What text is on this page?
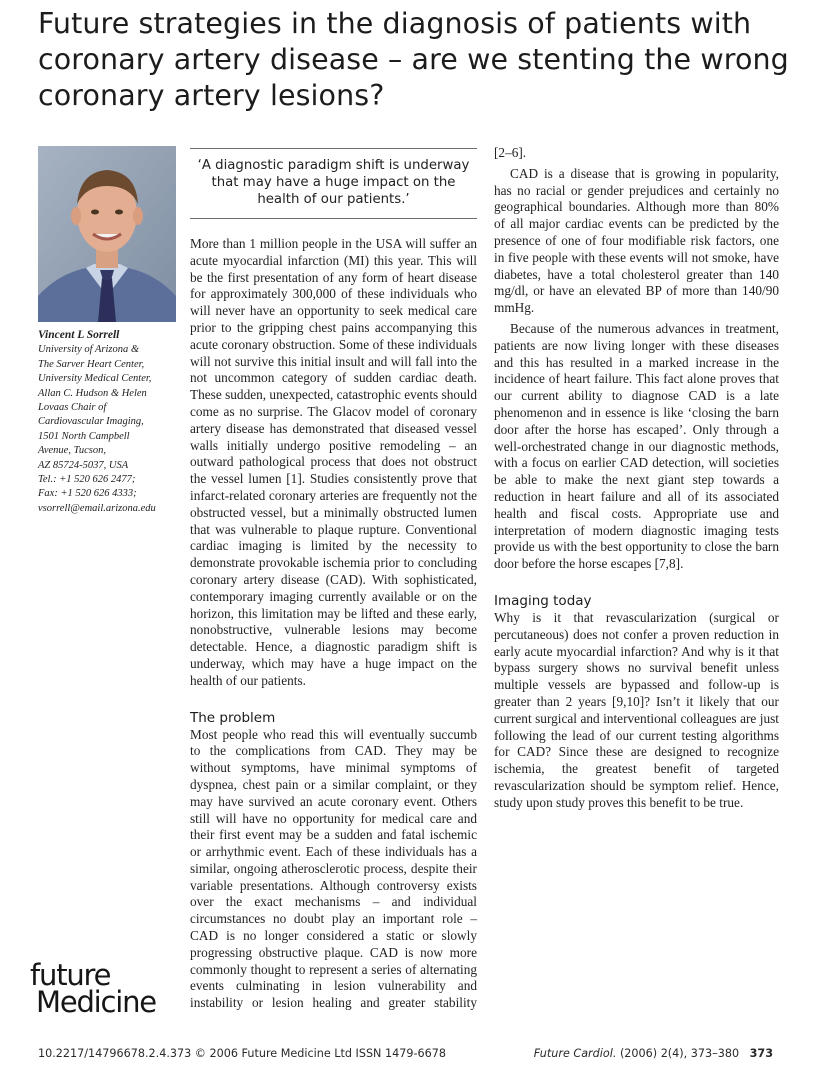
Future strategies in the diagnosis of patients with coronary artery disease – are we stenting the wrong coronary artery lesions?
Vincent L Sorrell
University of Arizona &
The Sarver Heart Center,
University Medical Center,
Allan C. Hudson & Helen
Lovaas Chair of
Cardiovascular Imaging,
1501 North Campbell
Avenue, Tucson,
AZ 85724-5037, USA
Tel.: +1 520 626 2477;
Fax: +1 520 626 4333;
vsorrell@email.arizona.edu
‘A diagnostic paradigm shift is underway that may have a huge impact on the health of our patients.’

More than 1 million people in the USA will suffer an acute myocardial infarction (MI) this year. This will be the first presentation of any form of heart disease for approximately 300,000 of these individuals who will never have an opportunity to seek medical care prior to the gripping chest pains accompanying this acute coronary obstruction. Some of these individuals will not survive this initial insult and will fall into the not uncommon category of sudden cardiac death. These sudden, unexpected, catastrophic events should come as no surprise. The Glacov model of coronary artery disease has demonstrated that diseased vessel walls initially undergo positive remodeling – an outward pathological process that does not obstruct the vessel lumen [1]. Studies consistently prove that infarct-related coronary arteries are frequently not the obstructed vessel, but a minimally obstructed lumen that was vulnerable to plaque rupture. Conventional cardiac imaging is limited by the necessity to demonstrate provokable ischemia prior to concluding coronary artery disease (CAD). With sophisticated, contemporary imaging currently available or on the horizon, this limitation may be lifted and these early, nonobstructive, vulnerable lesions may become detectable. Hence, a diagnostic paradigm shift is underway, which may have a huge impact on the health of our patients.

The problem

Most people who read this will eventually succumb to the complications from CAD. They may be without symptoms, have minimal symptoms of dyspnea, chest pain or a similar complaint, or they may have survived an acute coronary event. Others still will have no opportunity for medical care and their first event may be a sudden and fatal ischemic or arrhythmic event. Each of these individuals has a similar, ongoing atherosclerotic process, despite their variable presentations. Although controversy exists over the exact mechanisms – and individual circumstances no doubt play an important role – CAD is no longer considered a static or slowly progressing obstructive plaque. CAD is now more commonly thought to represent a series of alternating events culminating in lesion vulnerability and instability or lesion healing and greater stability

[2–6].

CAD is a disease that is growing in popularity, has no racial or gender prejudices and certainly no geographical boundaries. Although more than 80% of all major cardiac events can be predicted by the presence of one of four modifiable risk factors, one in five people with these events will not smoke, have diabetes, have a total cholesterol greater than 140 mg/dl, or have an elevated BP of more than 140/90 mmHg.

Because of the numerous advances in treatment, patients are now living longer with these diseases and this has resulted in a marked increase in the incidence of heart failure. This fact alone proves that our current ability to diagnose CAD is a late phenomenon and in essence is like ‘closing the barn door after the horse has escaped’. Only through a well-orchestrated change in our diagnostic methods, with a focus on earlier CAD detection, will societies be able to make the next giant step towards a reduction in heart failure and all of its associated health and fiscal costs. Appropriate use and interpretation of modern diagnostic imaging tests provide us with the best opportunity to close the barn door before the horse escapes [7,8].

Imaging today

Why is it that revascularization (surgical or percutaneous) does not confer a proven reduction in early acute myocardial infarction? And why is it that bypass surgery shows no survival benefit unless multiple vessels are bypassed and follow-up is greater than 2 years [9,10]? Isn’t it likely that our current surgical and interventional colleagues are just following the lead of our current testing algorithms for CAD? Since these are designed to recognize ischemia, the greatest benefit of targeted revascularization should be symptom relief. Hence, study upon study proves this benefit to be true.

future
Medicine
10.2217/14796678.2.4.373 © 2006 Future Medicine Ltd ISSN 1479-6678	Future Cardiol. (2006) 2(4), 373–380 373
